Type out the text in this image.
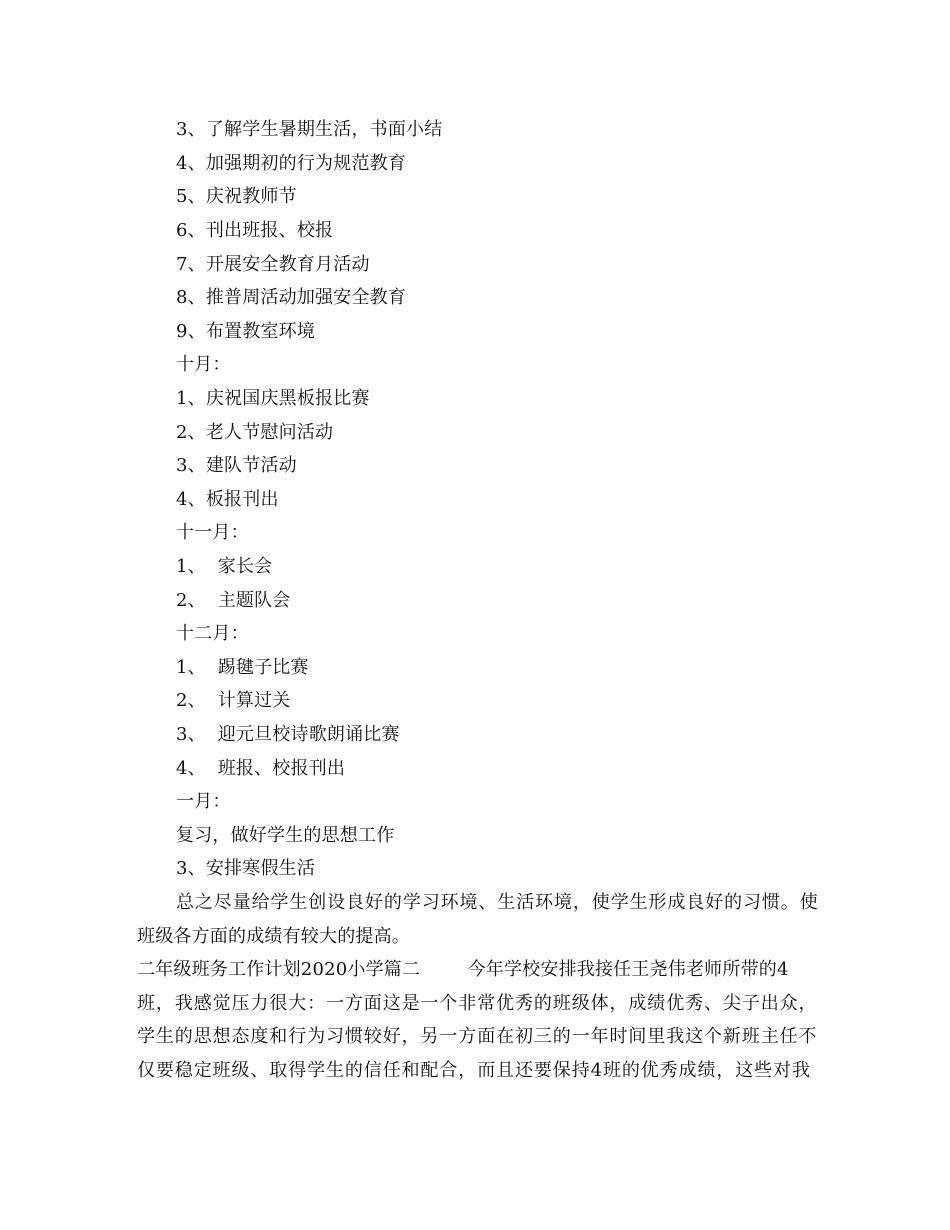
3、了解学生暑期生活，书面小结
4、加强期初的行为规范教育
5、庆祝教师节
6、刊出班报、校报
7、开展安全教育月活动
8、推普周活动加强安全教育
9、布置教室环境
十月：
1、庆祝国庆黑板报比赛
2、老人节慰问活动
3、建队节活动
4、板报刊出
十一月：
1、  家长会
2、  主题队会
十二月：
1、  踢毽子比赛
2、  计算过关
3、  迎元旦校诗歌朗诵比赛
4、  班报、校报刊出
一月：
复习，做好学生的思想工作
3、安排寒假生活
总之尽量给学生创设良好的学习环境、生活环境，使学生形成良好的习惯。使
班级各方面的成绩有较大的提高。
二年级班务工作计划2020小学篇二        今年学校安排我接任王尧伟老师所带的4
班，我感觉压力很大：一方面这是一个非常优秀的班级体，成绩优秀、尖子出众，
学生的思想态度和行为习惯较好，另一方面在初三的一年时间里我这个新班主任不
仅要稳定班级、取得学生的信任和配合，而且还要保持4班的优秀成绩，这些对我
